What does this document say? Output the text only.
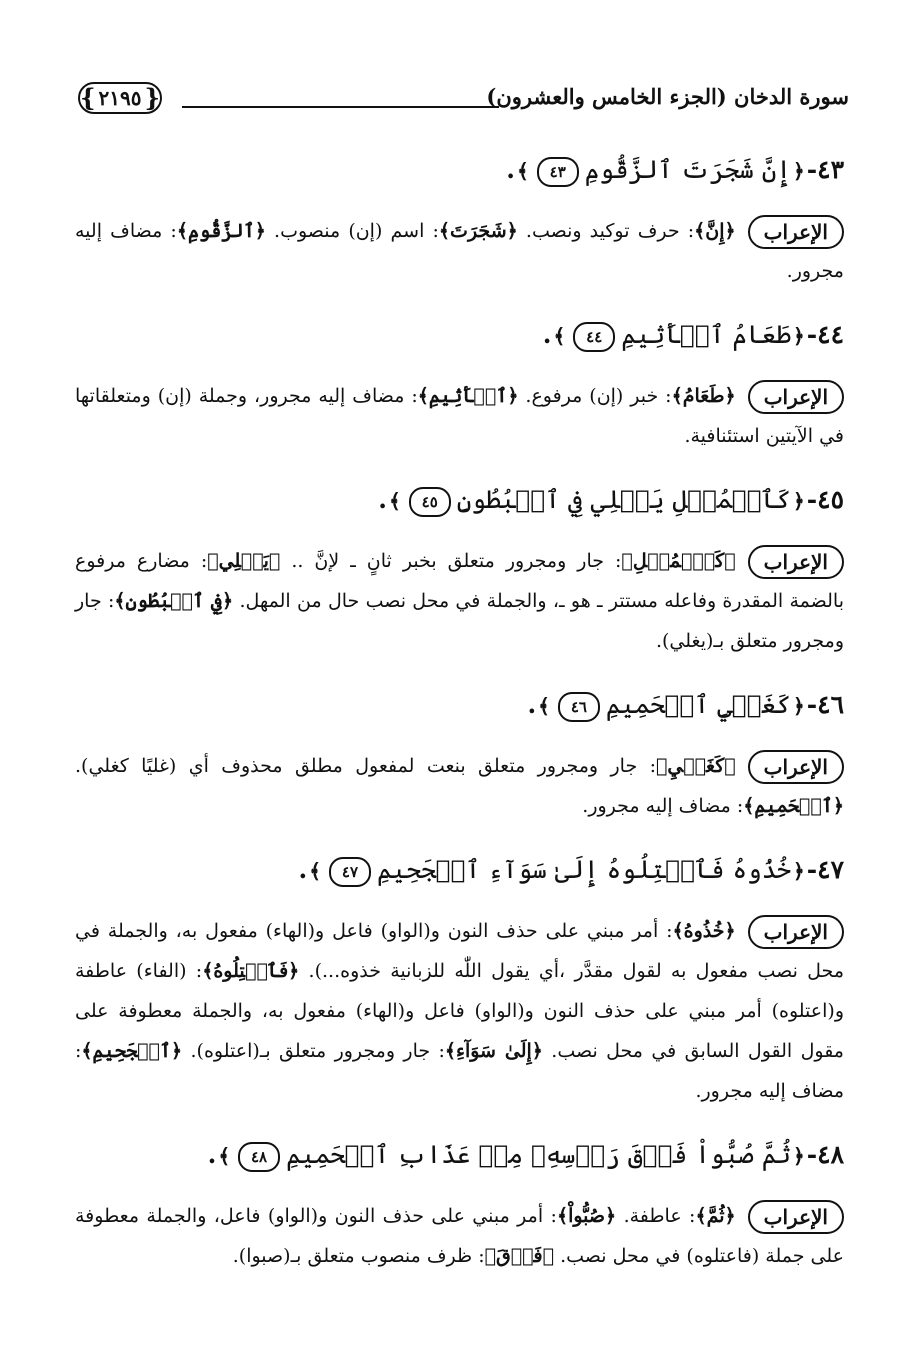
سورة الدخان (الجزء الخامس والعشرون)
{
٢١٩٥
}
٤٣-﴿إِنَّ شَجَرَتَ ٱلزَّقُّومِ٤٣﴾.
الإعراب﴿إِنَّ﴾: حرف توكيد ونصب. ﴿شَجَرَتَ﴾: اسم (إن) منصوب. ﴿ٱلزَّقُّومِ﴾: مضاف إليه مجرور.
٤٤-﴿طَعَامُ ٱلۡأَثِيمِ٤٤﴾.
الإعراب﴿طَعَامُ﴾: خبر (إن) مرفوع. ﴿ٱلۡأَثِيمِ﴾: مضاف إليه مجرور، وجملة (إن) ومتعلقاتها في الآيتين استئنافية.
٤٥-﴿كَٱلۡمُهۡلِ يَغۡلِي فِي ٱلۡبُطُونِ٤٥﴾.
الإعراب﴿كَٱلۡمُهۡلِ﴾: جار ومجرور متعلق بخبر ثانٍ ـ لإنَّ .. ﴿يَغۡلِي﴾: مضارع مرفوع بالضمة المقدرة وفاعله مستتر ـ هو ـ، والجملة في محل نصب حال من المهل. ﴿فِي ٱلۡبُطُونِ﴾: جار ومجرور متعلق بـ(يغلي).
٤٦-﴿كَغَلۡيِ ٱلۡحَمِيمِ٤٦﴾.
الإعراب﴿كَغَلۡيِ﴾: جار ومجرور متعلق بنعت لمفعول مطلق محذوف أي (غليًا كغلي). ﴿ٱلۡحَمِيمِ﴾: مضاف إليه مجرور.
٤٧-﴿خُذُوهُ فَٱعۡتِلُوهُ إِلَىٰ سَوَآءِ ٱلۡجَحِيمِ٤٧﴾.
الإعراب﴿خُذُوهُ﴾: أمر مبني على حذف النون و(الواو) فاعل و(الهاء) مفعول به، والجملة في محل نصب مفعول به لقول مقدَّر ،أي يقول اللّٰه للزبانية خذوه...). ﴿فَٱعۡتِلُوهُ﴾: (الفاء) عاطفة و(اعتلوه) أمر مبني على حذف النون و(الواو) فاعل و(الهاء) مفعول به، والجملة معطوفة على مقول القول السابق في محل نصب. ﴿إِلَىٰ سَوَآءِ﴾: جار ومجرور متعلق بـ(اعتلوه). ﴿ٱلۡجَحِيمِ﴾: مضاف إليه مجرور.
٤٨-﴿ثُمَّ صُبُّواْ فَوۡقَ رَأۡسِهِۦ مِنۡ عَذَابِ ٱلۡحَمِيمِ٤٨﴾.
الإعراب﴿ثُمَّ﴾: عاطفة. ﴿صُبُّواْ﴾: أمر مبني على حذف النون و(الواو) فاعل، والجملة معطوفة على جملة (فاعتلوه) في محل نصب. ﴿فَوۡقَ﴾: ظرف منصوب متعلق بـ(صبوا).
